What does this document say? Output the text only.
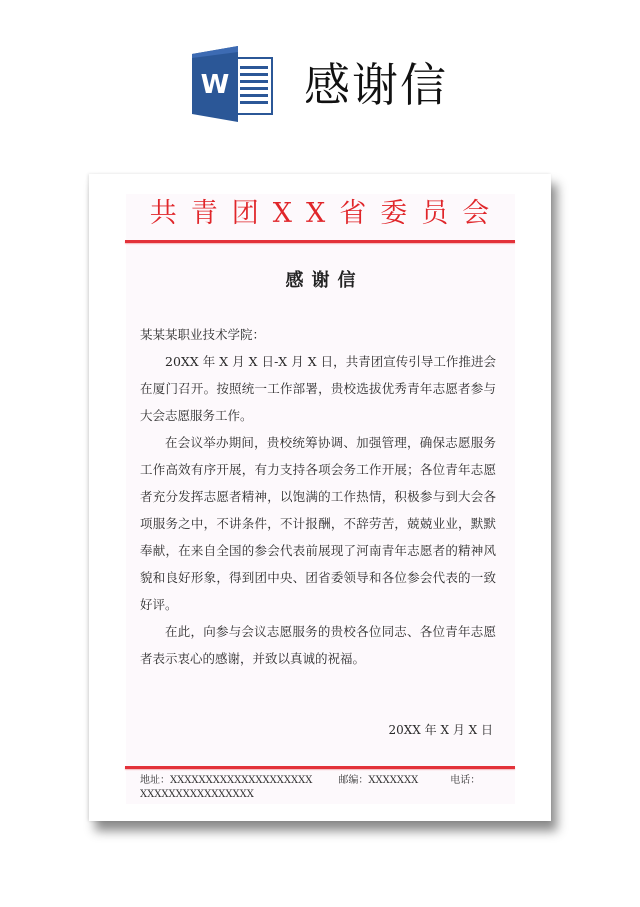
W 感谢信
共青团XX省委员会
感谢信

某某某职业技术学院：

20XX 年 X 月 X 日-X 月 X 日，共青团宣传引导工作推进会在厦门召开。按照统一工作部署，贵校选拔优秀青年志愿者参与大会志愿服务工作。

在会议举办期间，贵校统筹协调、加强管理，确保志愿服务工作高效有序开展，有力支持各项会务工作开展；各位青年志愿者充分发挥志愿者精神，以饱满的工作热情，积极参与到大会各项服务之中，不讲条件，不计报酬，不辞劳苦，兢兢业业，默默奉献，在来自全国的参会代表前展现了河南青年志愿者的精神风貌和良好形象，得到团中央、团省委领导和各位参会代表的一致好评。

在此，向参与会议志愿服务的贵校各位同志、各位青年志愿者表示衷心的感谢，并致以真诚的祝福。

20XX 年 X 月 X 日
地址：XXXXXXXXXXXXXXXXXXXX	邮编：XXXXXXX	电话：
XXXXXXXXXXXXXXXX
